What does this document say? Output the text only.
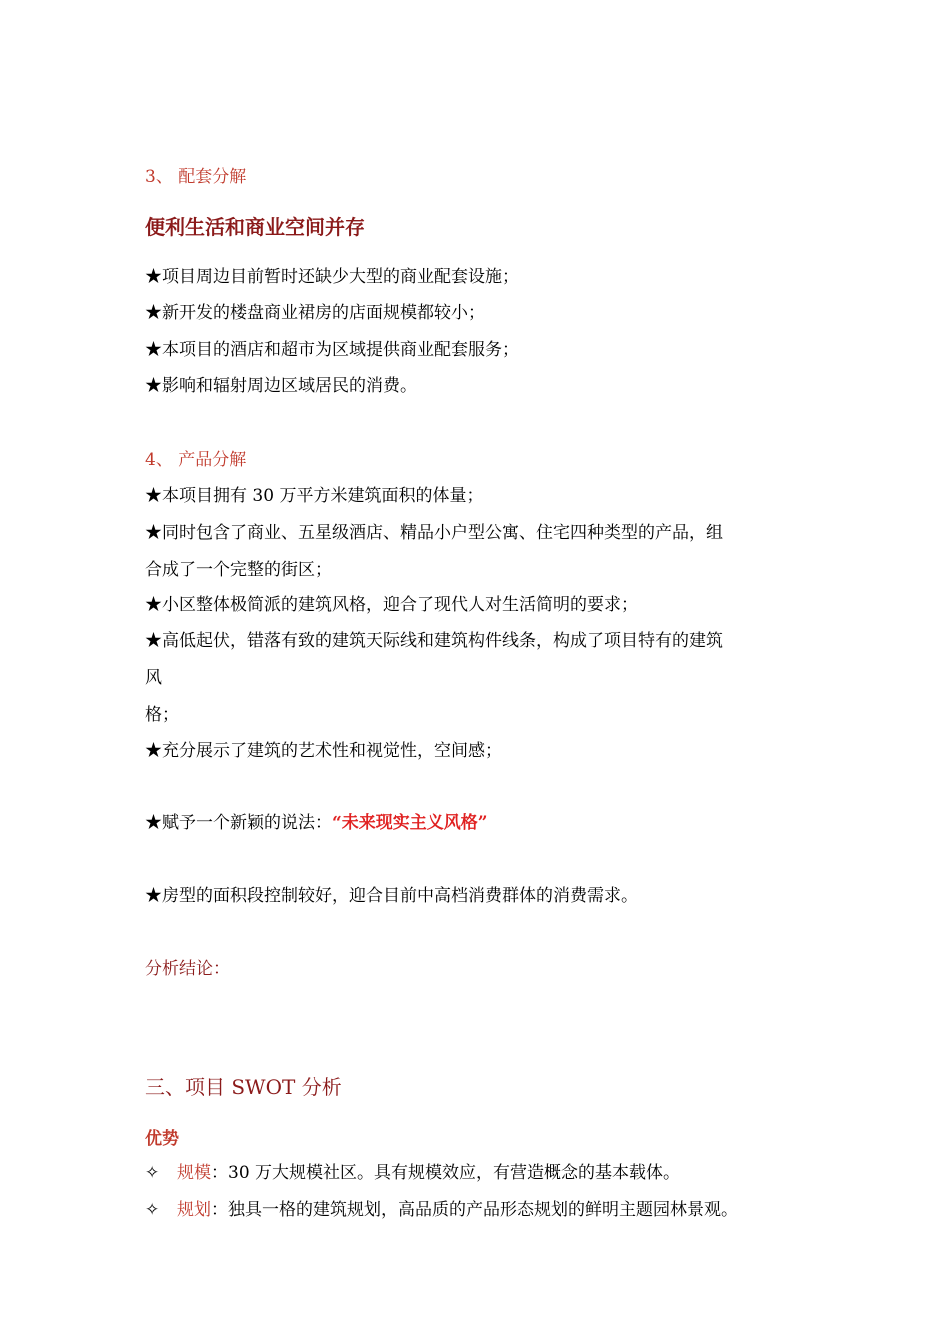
3、 配套分解
便利生活和商业空间并存
★项目周边目前暂时还缺少大型的商业配套设施；
★新开发的楼盘商业裙房的店面规模都较小；
★本项目的酒店和超市为区域提供商业配套服务；
★影响和辐射周边区域居民的消费。
4、 产品分解
★本项目拥有 30 万平方米建筑面积的体量；
★同时包含了商业、五星级酒店、精品小户型公寓、住宅四种类型的产品，组
合成了一个完整的街区；
★小区整体极简派的建筑风格，迎合了现代人对生活简明的要求；
★高低起伏，错落有致的建筑天际线和建筑构件线条，构成了项目特有的建筑
风
格；
★充分展示了建筑的艺术性和视觉性，空间感；
★赋予一个新颖的说法：“未来现实主义风格”
★房型的面积段控制较好，迎合目前中高档消费群体的消费需求。
分析结论：
三、项目 SWOT 分析
优势
✧ 规模：30 万大规模社区。具有规模效应，有营造概念的基本载体。
✧ 规划：独具一格的建筑规划，高品质的产品形态规划的鲜明主题园林景观。
